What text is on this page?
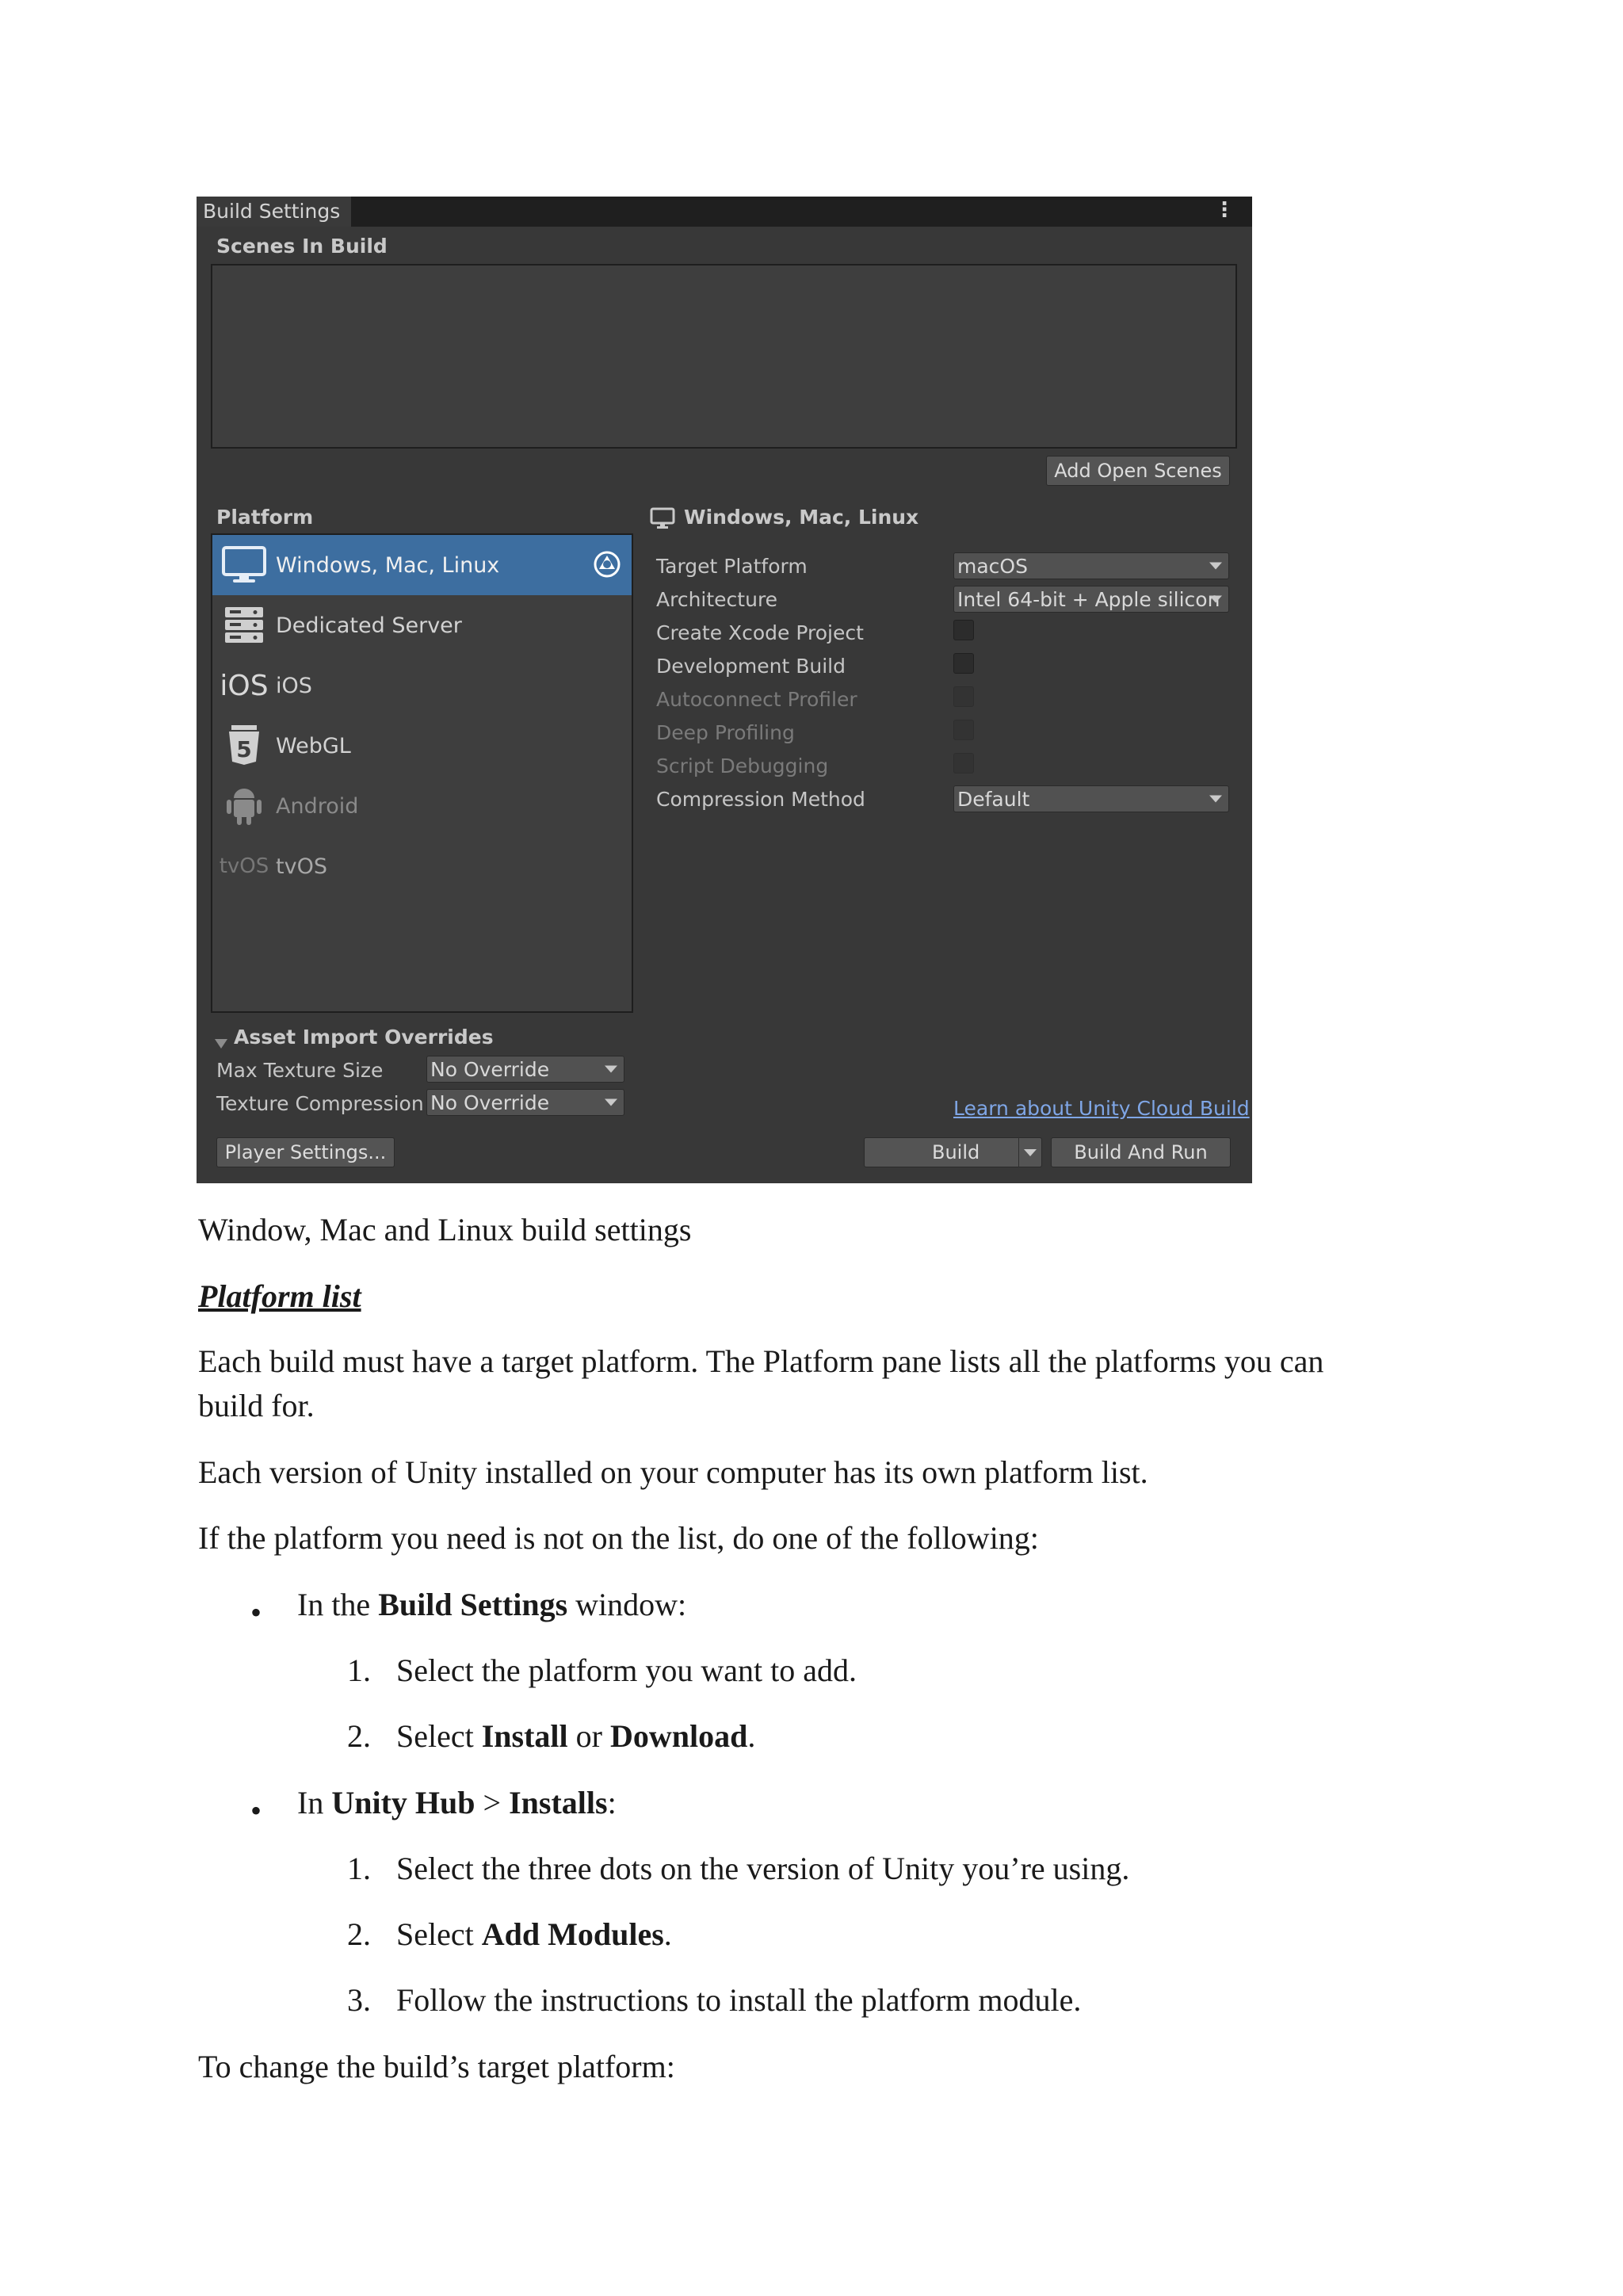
Build Settings	⋮
Scenes In Build
Add Open Scenes
Platform
Windows, Mac, Linux
Dedicated Server
iOS iOS
5 WebGL
Android
tvOS tvOS
Windows, Mac, Linux
Target Platform	macOS
Architecture	Intel 64-bit + Apple silicon
Create Xcode Project
Development Build
Autoconnect Profiler
Deep Profiling
Script Debugging
Compression Method	Default
Asset Import Overrides
Max Texture Size No Override
Texture Compression No Override	Learn about Unity Cloud Build
Player Settings...	Build	Build And Run
Window, Mac and Linux build settings
Platform list
Each build must have a target platform. The Platform pane lists all the platforms you can
build for.
Each version of Unity installed on your computer has its own platform list.
If the platform you need is not on the list, do one of the following:
• In the Build Settings window:
1. Select the platform you want to add.
2. Select Install or Download.
• In Unity Hub > Installs:
1. Select the three dots on the version of Unity you’re using.
2. Select Add Modules.
3. Follow the instructions to install the platform module.
To change the build’s target platform:
